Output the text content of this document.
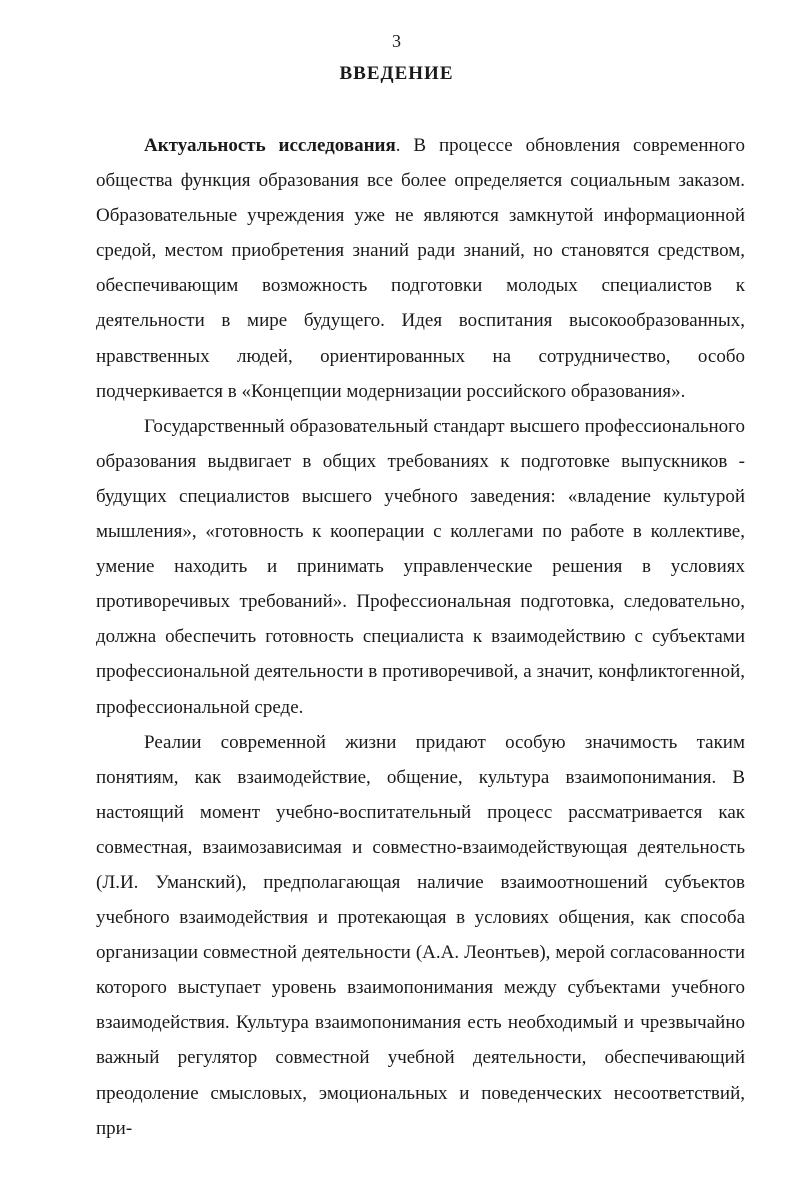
3
ВВЕДЕНИЕ

Актуальность исследования. В процессе обновления современного общества функция образования все более определяется социальным заказом. Образовательные учреждения уже не являются замкнутой информационной средой, местом приобретения знаний ради знаний, но становятся средством, обеспечивающим возможность подготовки молодых специалистов к деятельности в мире будущего. Идея воспитания высокообразованных, нравственных людей, ориентированных на сотрудничество, особо подчеркивается в «Концепции модернизации российского образования».

Государственный образовательный стандарт высшего профессионального образования выдвигает в общих требованиях к подготовке выпускников - будущих специалистов высшего учебного заведения: «владение культурой мышления», «готовность к кооперации с коллегами по работе в коллективе, умение находить и принимать управленческие решения в условиях противоречивых требований». Профессиональная подготовка, следовательно, должна обеспечить готовность специалиста к взаимодействию с субъектами профессиональной деятельности в противоречивой, а значит, конфликтогенной, профессиональной среде.

Реалии современной жизни придают особую значимость таким понятиям, как взаимодействие, общение, культура взаимопонимания. В настоящий момент учебно-воспитательный процесс рассматривается как совместная, взаимозависимая и совместно-взаимодействующая деятельность (Л.И. Уманский), предполагающая наличие взаимоотношений субъектов учебного взаимодействия и протекающая в условиях общения, как способа организации совместной деятельности (А.А. Леонтьев), мерой согласованности которого выступает уровень взаимопонимания между субъектами учебного взаимодействия. Культура взаимопонимания есть необходимый и чрезвычайно важный регулятор совместной учебной деятельности, обеспечивающий преодоление смысловых, эмоциональных и поведенческих несоответствий, при-
